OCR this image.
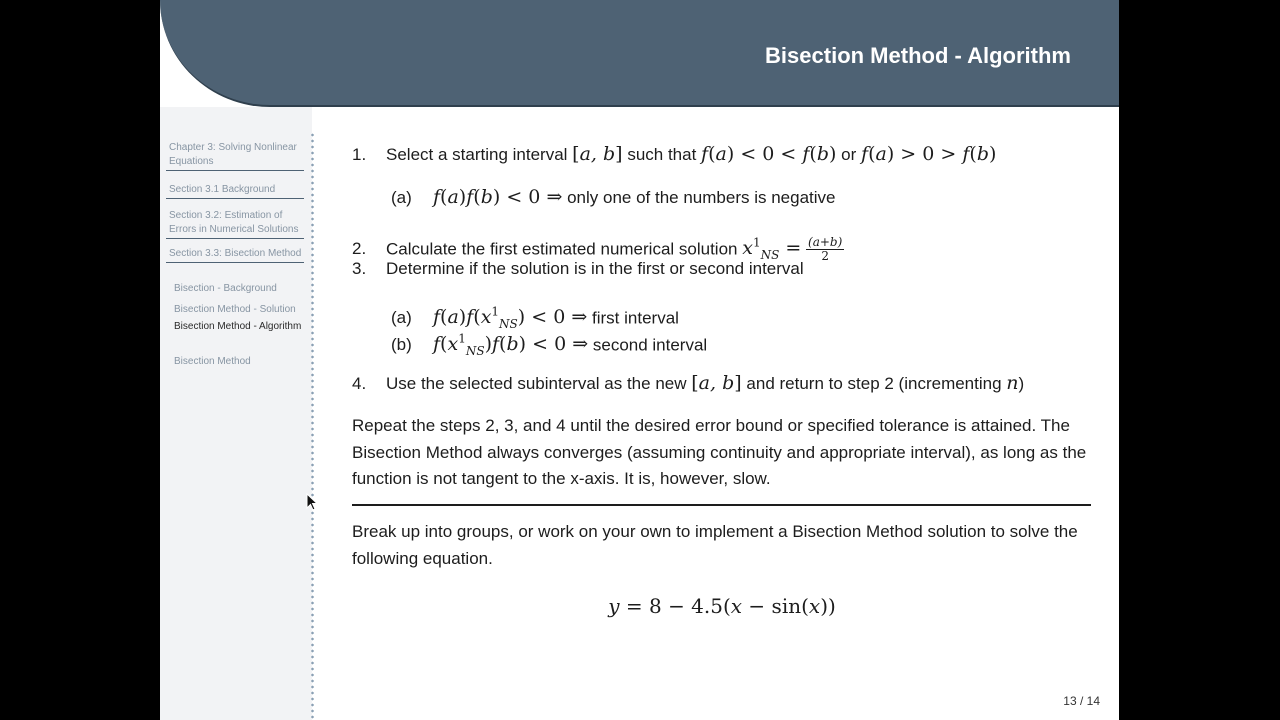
Bisection Method - Algorithm
Chapter 3: Solving Nonlinear Equations
Section 3.1 Background
Section 3.2: Estimation of Errors in Numerical Solutions
Section 3.3: Bisection Method
Bisection - Background
Bisection Method - Solution
Bisection Method - Algorithm
Bisection Method
1. Select a starting interval [a, b] such that f(a) < 0 < f(b) or f(a) > 0 > f(b)
(a) f(a)f(b) < 0 ⇒ only one of the numbers is negative
2. Calculate the first estimated numerical solution $x^1_{NS} = \frac{(a+b)}{2}$
3. Determine if the solution is in the first or second interval
(a) $f(a)f(x^1_{NS}) < 0$ ⇒ first interval
(b) $f(x^1_{NS})f(b) < 0$ ⇒ second interval
4. Use the selected subinterval as the new [a, b] and return to step 2 (incrementing n)
Repeat the steps 2, 3, and 4 until the desired error bound or specified tolerance is attained. The Bisection Method always converges (assuming continuity and appropriate interval), as long as the function is not tangent to the x-axis. It is, however, slow.
Break up into groups, or work on your own to implement a Bisection Method solution to solve the following equation.
y = 8 − 4.5(x − sin(x))
13 / 14
